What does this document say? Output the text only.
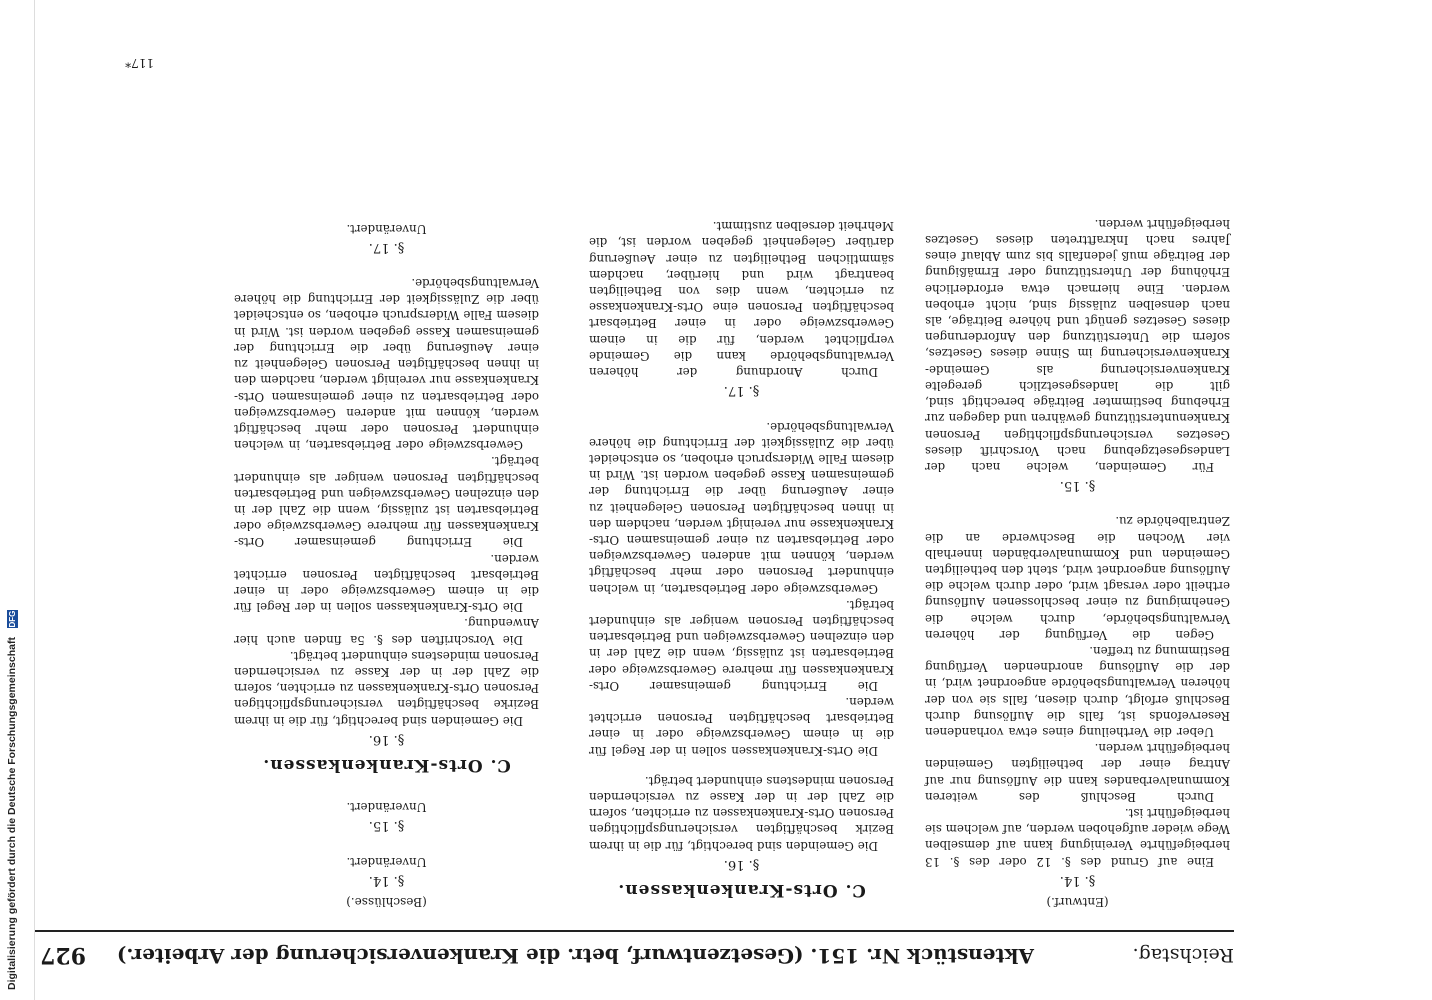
Reichstag.
Aktenstück Nr. 151. (Gesetzentwurf, betr. die Krankenversicherung der Arbeiter.)
927
(Entwurf.)
§. 14.

Eine auf Grund des §. 12 oder des §. 13 herbeigeführte Vereinigung kann auf demselben Wege wieder aufgehoben werden, auf welchem sie herbeigeführt ist.

Durch Beschluß des weiteren Kommunalverbandes kann die Auflösung nur auf Antrag einer der betheiligten Gemeinden herbeigeführt werden.

Ueber die Vertheilung eines etwa vorhandenen Reservefonds ist, falls die Auflösung durch Beschluß erfolgt, durch diesen, falls sie von der höheren Verwaltungsbehörde angeordnet wird, in der die Auflösung anordnenden Verfügung Bestimmung zu treffen.

Gegen die Verfügung der höheren Verwaltungsbehörde, durch welche die Genehmigung zu einer beschlossenen Auflösung ertheilt oder versagt wird, oder durch welche die Auflösung angeordnet wird, steht den betheiligten Gemeinden und Kommunalverbänden innerhalb vier Wochen die Beschwerde an die Zentralbehörde zu.

§. 15.

Für Gemeinden, welche nach der Landesgesetzgebung nach Vorschrift dieses Gesetzes versicherungspflichtigen Personen Krankenunterstützung gewähren und dagegen zur Erhebung bestimmter Beiträge berechtigt sind, gilt die landesgesetzlich geregelte Krankenversicherung als Gemeinde-Krankenversicherung im Sinne dieses Gesetzes, sofern die Unterstützung den Anforderungen dieses Gesetzes genügt und höhere Beiträge, als nach denselben zulässig sind, nicht erhoben werden. Eine hiernach etwa erforderliche Erhöhung der Unterstützung oder Ermäßigung der Beiträge muß jedenfalls bis zum Ablauf eines Jahres nach Inkrafttreten dieses Gesetzes herbeigeführt werden.

C. Orts-Krankenkassen.
§. 16.

Die Gemeinden sind berechtigt, für die in ihrem Bezirk beschäftigten versicherungspflichtigen Personen Orts-Krankenkassen zu errichten, sofern die Zahl der in der Kasse zu versichernden Personen mindestens einhundert beträgt.

Die Orts-Krankenkassen sollen in der Regel für die in einem Gewerbszweige oder in einer Betriebsart beschäftigten Personen errichtet werden.

Die Errichtung gemeinsamer Orts-Krankenkassen für mehrere Gewerbszweige oder Betriebsarten ist zulässig, wenn die Zahl der in den einzelnen Gewerbszweigen und Betriebsarten beschäftigten Personen weniger als einhundert beträgt.

Gewerbszweige oder Betriebsarten, in welchen einhundert Personen oder mehr beschäftigt werden, können mit anderen Gewerbszweigen oder Betriebsarten zu einer gemeinsamen Orts-Krankenkasse nur vereinigt werden, nachdem den in ihnen beschäftigten Personen Gelegenheit zu einer Aeußerung über die Errichtung der gemeinsamen Kasse gegeben worden ist. Wird in diesem Falle Widerspruch erhoben, so entscheidet über die Zulässigkeit der Errichtung die höhere Verwaltungsbehörde.

§. 17.

Durch Anordnung der höheren Verwaltungsbehörde kann die Gemeinde verpflichtet werden, für die in einem Gewerbszweige oder in einer Betriebsart beschäftigten Personen eine Orts-Krankenkasse zu errichten, wenn dies von Betheiligten beantragt wird und hierüber, nachdem sämmtlichen Betheiligten zu einer Aeußerung darüber Gelegenheit gegeben worden ist, die Mehrheit derselben zustimmt.

(Beschlüsse.)
§. 14.
Unverändert.
§. 15.
Unverändert.
C. Orts-Krankenkassen.
§. 16.

Die Gemeinden sind berechtigt, für die in ihrem Bezirke beschäftigten versicherungspflichtigen Personen Orts-Krankenkassen zu errichten, sofern die Zahl der in der Kasse zu versichernden Personen mindestens einhundert beträgt.

Die Vorschriften des §. 5a finden auch hier Anwendung.

Die Orts-Krankenkassen sollen in der Regel für die in einem Gewerbszweige oder in einer Betriebsart beschäftigten Personen errichtet werden.

Die Errichtung gemeinsamer Orts-Krankenkassen für mehrere Gewerbszweige oder Betriebsarten ist zulässig, wenn die Zahl der in den einzelnen Gewerbszweigen und Betriebsarten beschäftigten Personen weniger als einhundert beträgt.

Gewerbszweige oder Betriebsarten, in welchen einhundert Personen oder mehr beschäftigt werden, können mit anderen Gewerbszweigen oder Betriebsarten zu einer gemeinsamen Orts-Krankenkasse nur vereinigt werden, nachdem den in ihnen beschäftigten Personen Gelegenheit zu einer Aeußerung über die Errichtung der gemeinsamen Kasse gegeben worden ist. Wird in diesem Falle Widerspruch erhoben, so entscheidet über die Zulässigkeit der Errichtung die höhere Verwaltungsbehörde.

§. 17.
Unverändert.
117*
Digitalisierung gefördert durch die Deutsche Forschungsgemeinschaft DFG
